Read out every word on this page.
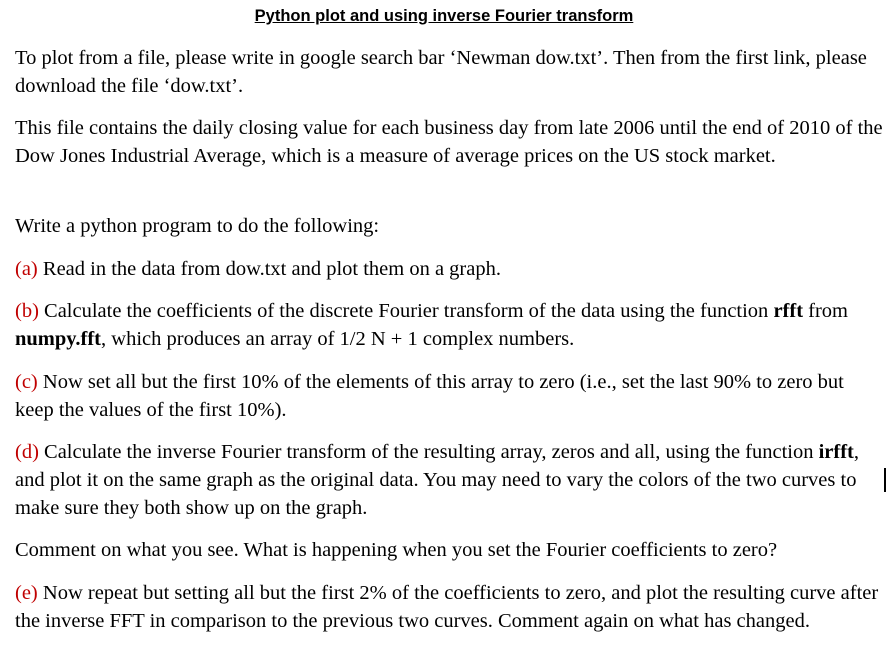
Python plot and using inverse Fourier transform

To plot from a file, please write in google search bar ‘Newman dow.txt’. Then from the first link, please download the file ‘dow.txt’.

This file contains the daily closing value for each business day from late 2006 until the end of 2010 of the Dow Jones Industrial Average, which is a measure of average prices on the US stock market.

Write a python program to do the following:

(a) Read in the data from dow.txt and plot them on a graph.

(b) Calculate the coefficients of the discrete Fourier transform of the data using the function rfft from numpy.fft, which produces an array of 1/2 N + 1 complex numbers.

(c) Now set all but the first 10% of the elements of this array to zero (i.e., set the last 90% to zero but keep the values of the first 10%).

(d) Calculate the inverse Fourier transform of the resulting array, zeros and all, using the function irfft, and plot it on the same graph as the original data. You may need to vary the colors of the two curves to make sure they both show up on the graph.

Comment on what you see. What is happening when you set the Fourier coefficients to zero?

(e) Now repeat but setting all but the first 2% of the coefficients to zero, and plot the resulting curve after the inverse FFT in comparison to the previous two curves. Comment again on what has changed.
